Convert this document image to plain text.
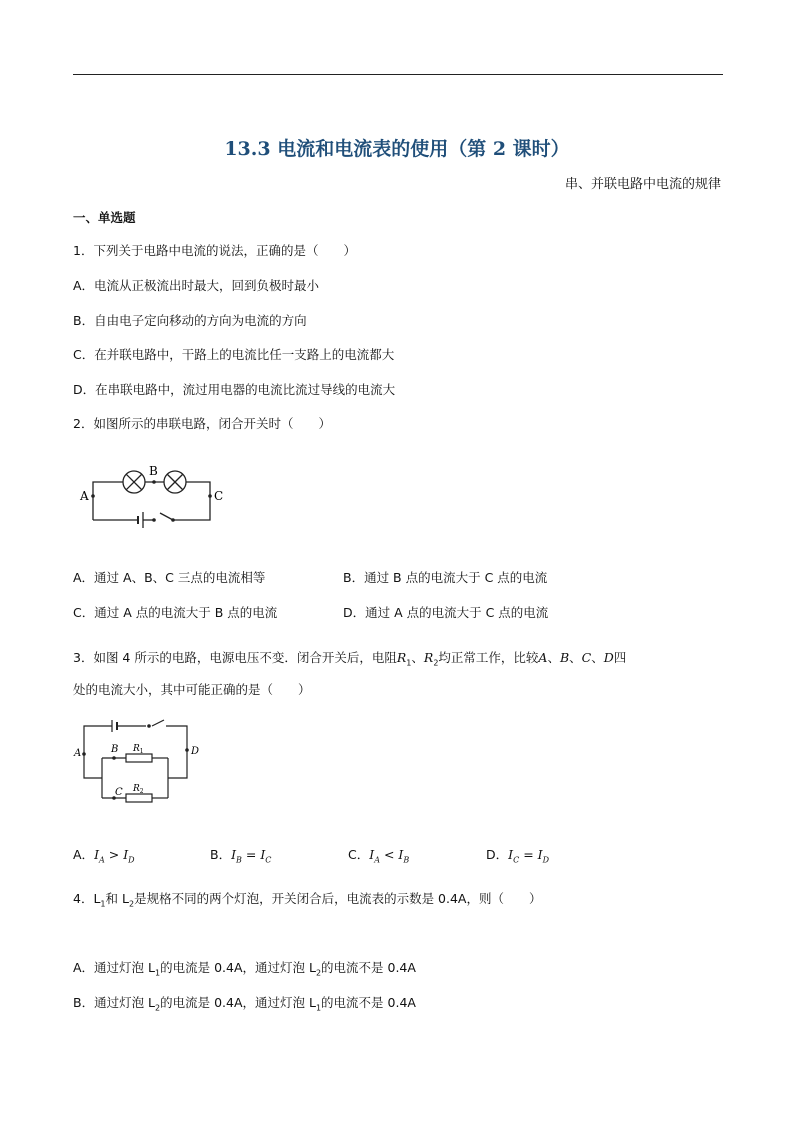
13.3 电流和电流表的使用（第 2 课时）
串、并联电路中电流的规律
一、单选题
1．下列关于电路中电流的说法，正确的是（　　）
A．电流从正极流出时最大，回到负极时最小
B．自由电子定向移动的方向为电流的方向
C．在并联电路中，干路上的电流比任一支路上的电流都大
D．在串联电路中，流过用电器的电流比流过导线的电流大
2．如图所示的串联电路，闭合开关时（　　）
A
B
C
A．通过 A、B、C 三点的电流相等	B．通过 B 点的电流大于 C 点的电流
C．通过 A 点的电流大于 B 点的电流	D．通过 A 点的电流大于 C 点的电流
3．如图 4 所示的电路，电源电压不变．闭合开关后，电阻$R_1$、$R_2$均正常工作，比较A、B、C、D四
处的电流大小，其中可能正确的是（　　）
A	B
C
D
$R_1$
$R_2$
A．$I_A > I_D$	B．$I_B = I_C$	C．$I_A < I_B$	D．$I_C = I_D$
4．$L_1$和 $L_2$是规格不同的两个灯泡，开关闭合后，电流表的示数是 0.4A，则（　　）
A．通过灯泡 $L_1$的电流是 0.4A，通过灯泡 $L_2$的电流不是 0.4A
B．通过灯泡 $L_2$的电流是 0.4A，通过灯泡 $L_1$的电流不是 0.4A
